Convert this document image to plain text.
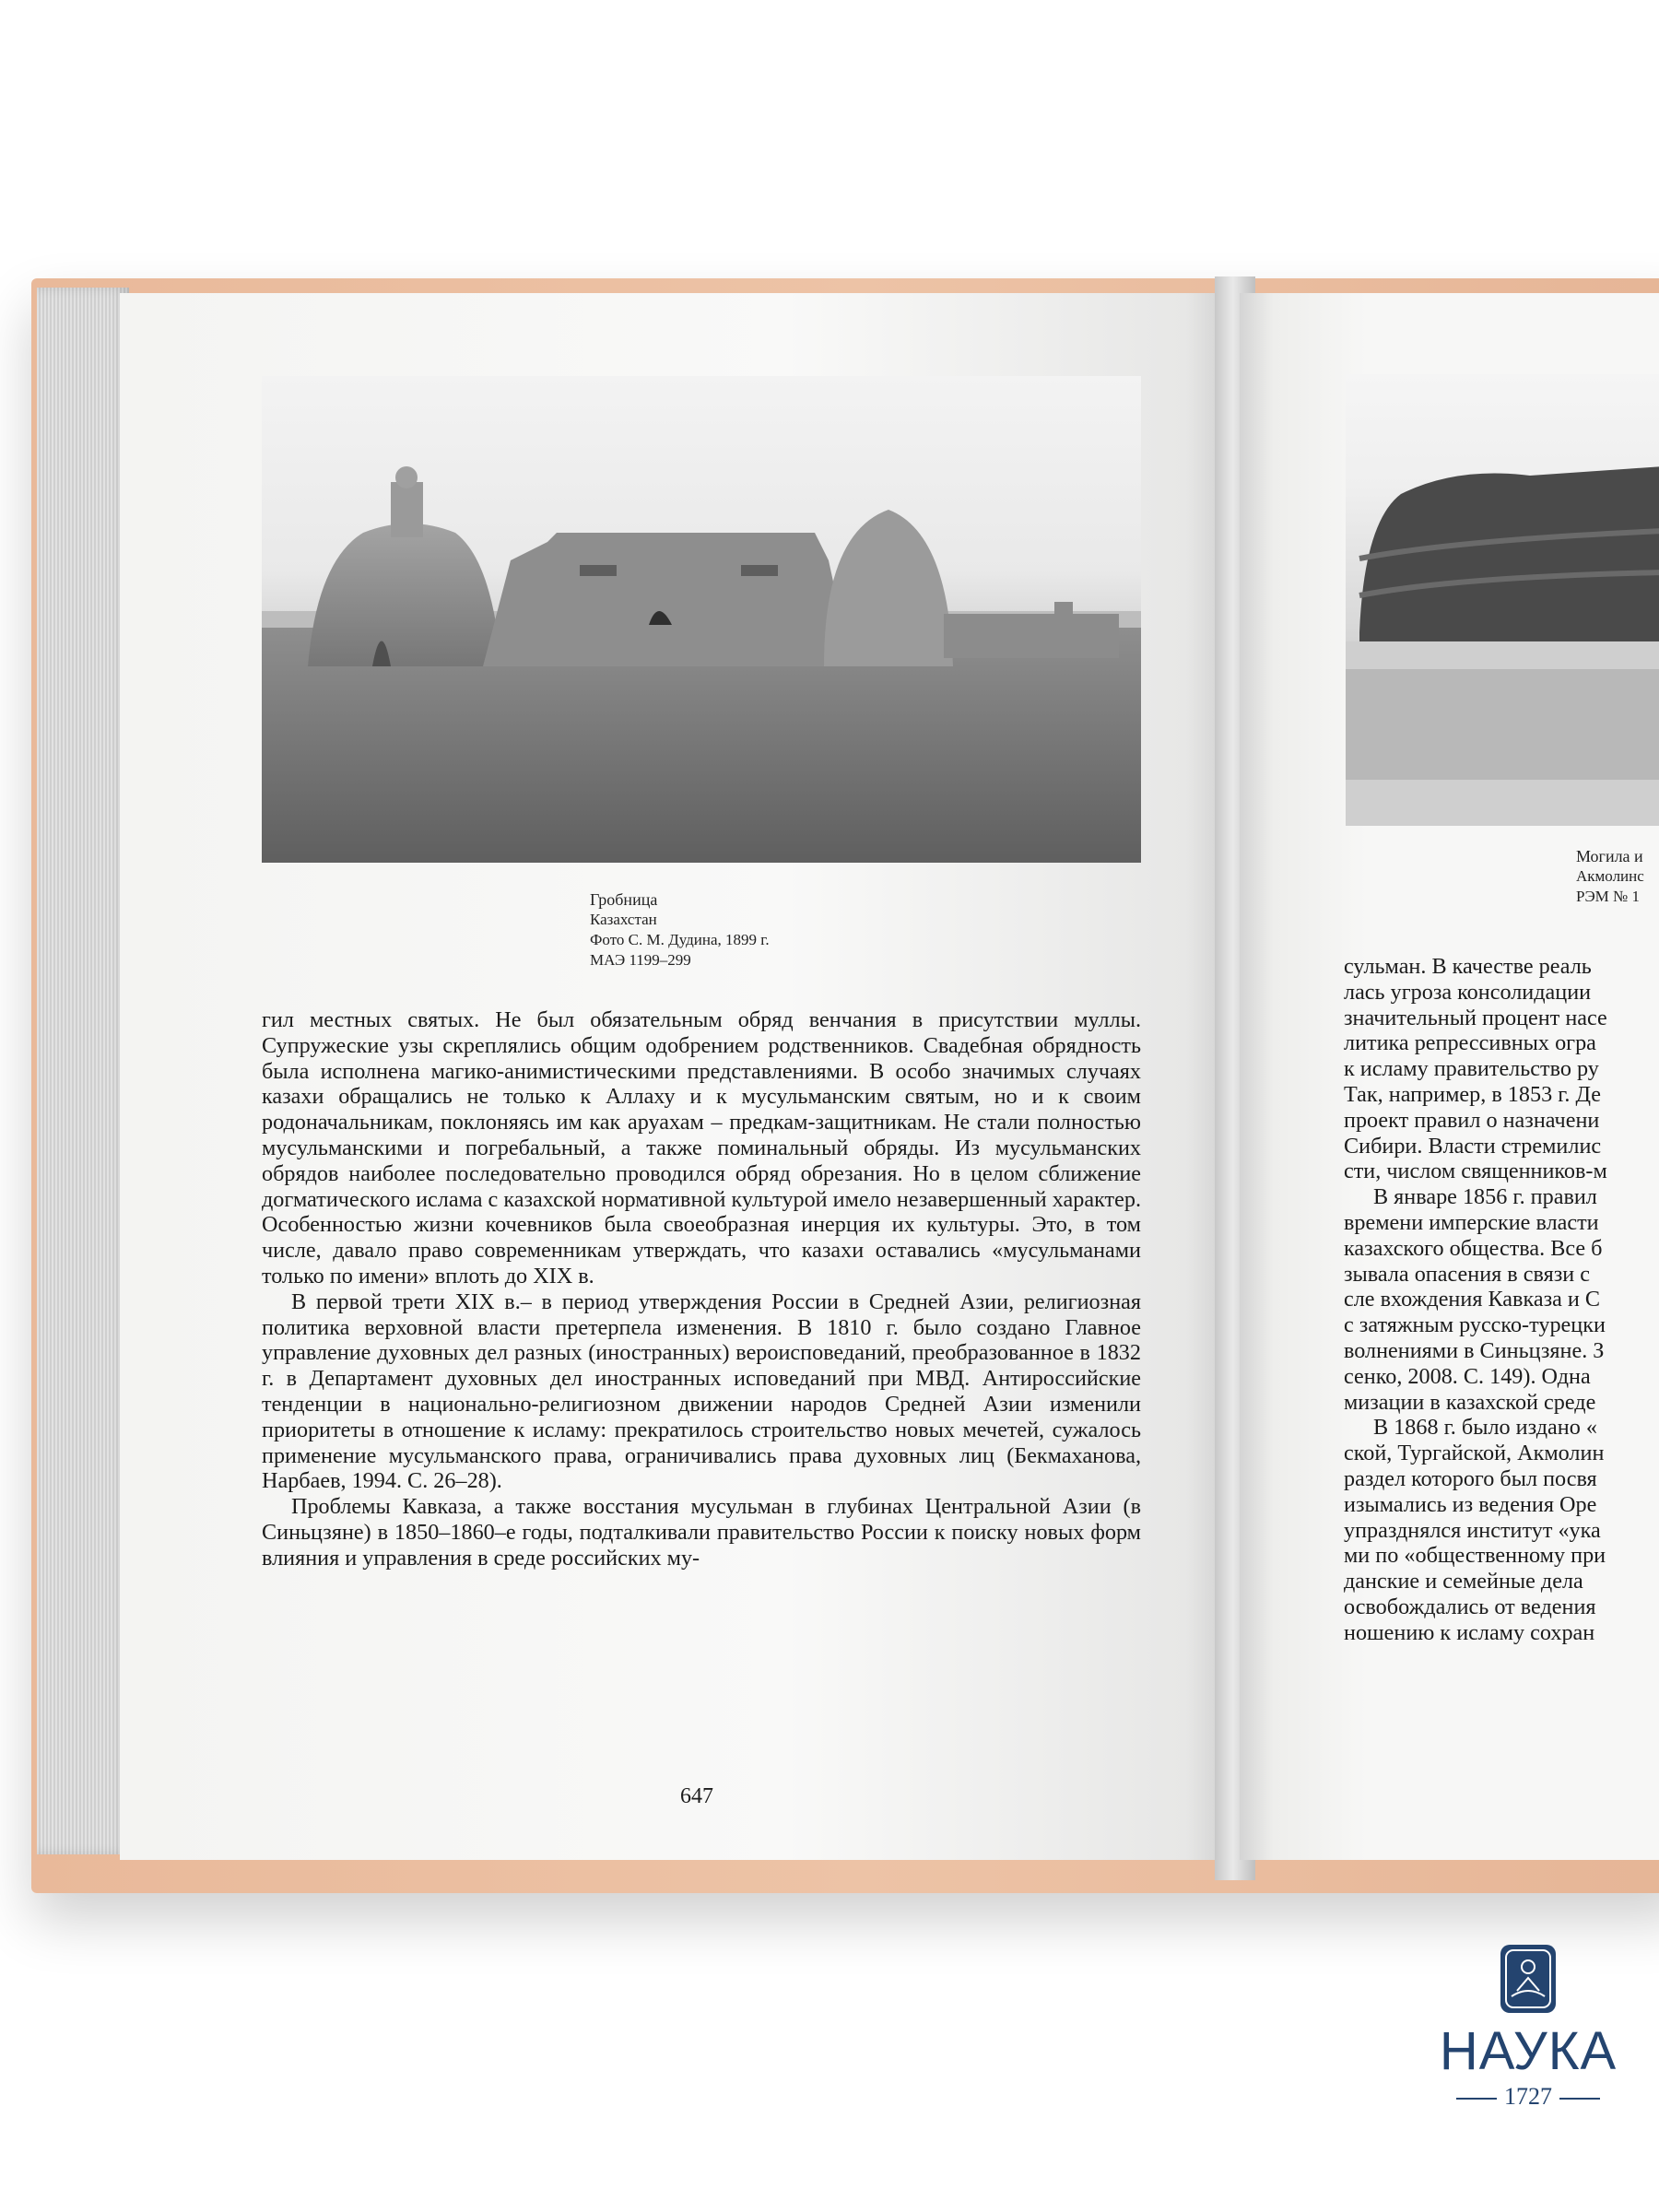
Гробница
Казахстан
Фото С. М. Дудина, 1899 г.
МАЭ 1199–299

гил местных святых. Не был обязательным обряд венчания в присутствии муллы. Супружеские узы скреплялись общим одобрением родственников. Свадебная обрядность была исполнена магико-анимистическими представлениями. В особо значимых случаях казахи обращались не только к Аллаху и к мусульманским святым, но и к своим родоначальникам, поклоняясь им как аруахам – предкам-защитникам. Не стали полностью мусульманскими и погребальный, а также поминальный обряды. Из мусульманских обрядов наиболее последовательно проводился обряд обрезания. Но в целом сближение догматического ислама с казахской нормативной культурой имело незавершенный характер. Особенностью жизни кочевников была своеобразная инерция их культуры. Это, в том числе, давало право современникам утверждать, что казахи оставались «мусульманами только по имени» вплоть до XIX в.

В первой трети XIX в.– в период утверждения России в Средней Азии, религиозная политика верховной власти претерпела изменения. В 1810 г. было создано Главное управление духовных дел разных (иностранных) вероисповеданий, преобразованное в 1832 г. в Департамент духовных дел иностранных исповеданий при МВД. Антироссийские тенденции в национально-религиозном движении народов Средней Азии изменили приоритеты в отношение к исламу: прекратилось строительство новых мечетей, сужалось применение мусульманского права, ограничивались права духовных лиц (Бекмаханова, Нарбаев, 1994. С. 26–28).

Проблемы Кавказа, а также восстания мусульман в глубинах Центральной Азии (в Синьцзяне) в 1850–1860–е годы, подталкивали правительство России к поиску новых форм влияния и управления в среде российских му-

647
Могила и
Акмолинс
РЭМ № 1
сульман. В качестве реаль
лась угроза консолидации
значительный процент насе
литика репрессивных огра
к исламу правительство ру
Так, например, в 1853 г. Де
проект правил о назначени
Сибири. Власти стремилис
сти, числом священников-м
В январе 1856 г. правил
времени имперские власти
казахского общества. Все б
зывала опасения в связи с
сле вхождения Кавказа и С
с затяжным русско-турецки
волнениями в Синьцзяне. З
сенко, 2008. С. 149). Одна
мизации в казахской среде
В 1868 г. было издано «
ской, Тургайской, Акмолин
раздел которого был посвя
изымались из ведения Оре
упразднялся институт «ука
ми по «общественному при
данские и семейные дела
освобождались от ведения
ношению к исламу сохран
НАУКА
1727
